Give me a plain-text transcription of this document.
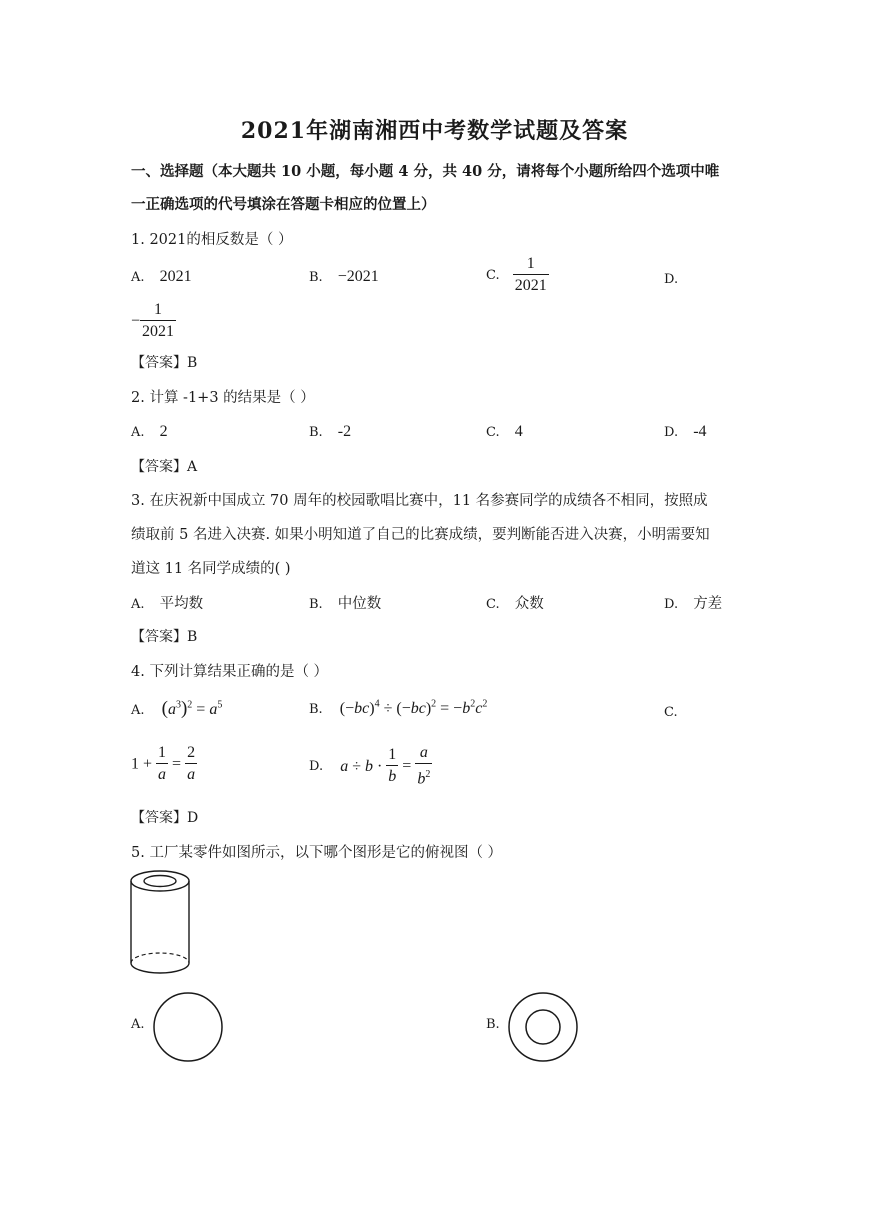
2021年湖南湘西中考数学试题及答案
一、选择题（本大题共 10 小题，每小题 4 分，共 40 分，请将每个小题所给四个选项中唯
一正确选项的代号填涂在答题卡相应的位置上）
1. 2021的相反数是（ ）
A. 2021	B. −2021	C. $\frac{1}{2021}$	D.
− $\frac{1}{2021}$
【答案】B
2. 计算 -1+3 的结果是（ ）
A. 2	B. -2	C. 4	D. -4
【答案】A
3. 在庆祝新中国成立 70 周年的校园歌唱比赛中，11 名参赛同学的成绩各不相同，按照成
绩取前 5 名进入决赛. 如果小明知道了自己的比赛成绩，要判断能否进入决赛，小明需要知
道这 11 名同学成绩的( )
A. 平均数	B. 中位数	C. 众数	D. 方差
【答案】B
4. 下列计算结果正确的是（ ）
A. $(a^3)^2 = a^5$	B. $(-bc)^4 \div (-bc)^2 = -b^2c^2$
C.
$1 + \frac{1}{a} = \frac{2}{a}$	D. $a \div b \cdot \frac{1}{b} = \frac{a}{b^2}$
【答案】D
5. 工厂某零件如图所示，以下哪个图形是它的俯视图（ ）
A.	B.
